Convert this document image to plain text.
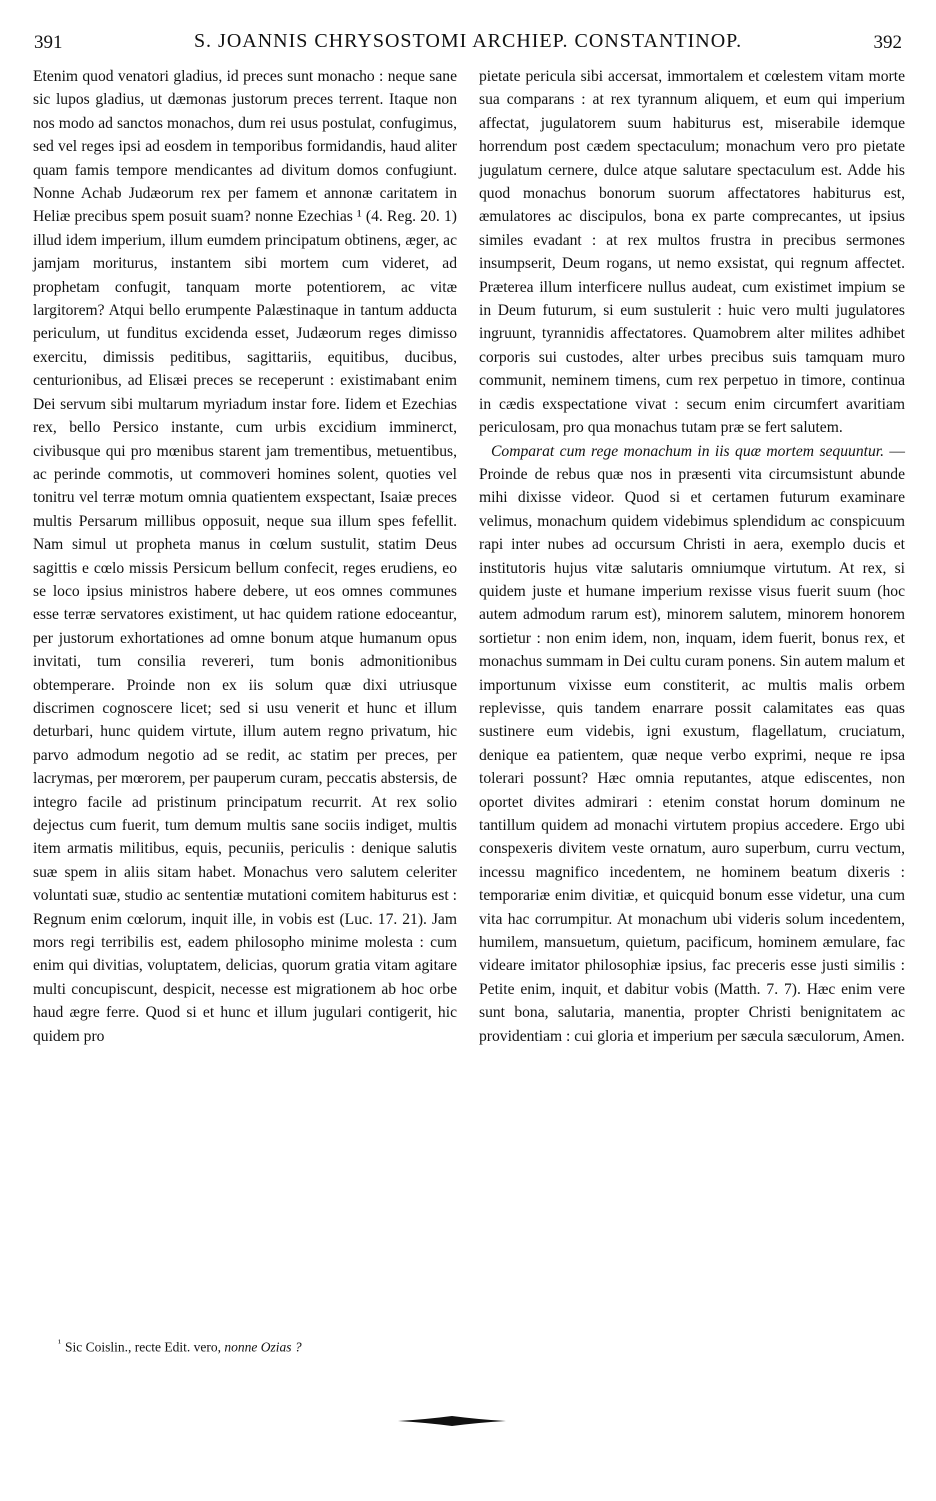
391	S. JOANNIS CHRYSOSTOMI ARCHIEP. CONSTANTINOP.	392

Etenim quod venatori gladius, id preces sunt monacho : neque sane sic lupos gladius, ut dæmonas justorum preces terrent. Itaque non nos modo ad sanctos monachos, dum rei usus postulat, confugimus, sed vel reges ipsi ad eosdem in temporibus formidandis, haud aliter quam famis tempore mendicantes ad divitum domos confugiunt. Nonne Achab Judæorum rex per famem et annonæ caritatem in Heliæ precibus spem posuit suam? nonne Ezechias ¹ (4. Reg. 20. 1) illud idem imperium, illum eumdem principatum obtinens, æger, ac jamjam moriturus, instantem sibi mortem cum videret, ad prophetam confugit, tanquam morte potentiorem, ac vitæ largitorem? Atqui bello erumpente Palæstinaque in tantum adducta periculum, ut funditus excidenda esset, Judæorum reges dimisso exercitu, dimissis peditibus, sagittariis, equitibus, ducibus, centurionibus, ad Elisæi preces se receperunt : existimabant enim Dei servum sibi multarum myriadum instar fore. Iidem et Ezechias rex, bello Persico instante, cum urbis excidium imminerct, civibusque qui pro mœnibus starent jam trementibus, metuentibus, ac perinde commotis, ut commoveri homines solent, quoties vel tonitru vel terræ motum omnia quatientem exspectant, Isaiæ preces multis Persarum millibus opposuit, neque sua illum spes fefellit. Nam simul ut propheta manus in cœlum sustulit, statim Deus sagittis e cœlo missis Persicum bellum confecit, reges erudiens, eo se loco ipsius ministros habere debere, ut eos omnes communes esse terræ servatores existiment, ut hac quidem ratione edoceantur, per justorum exhortationes ad omne bonum atque humanum opus invitati, tum consilia revereri, tum bonis admonitionibus obtemperare. Proinde non ex iis solum quæ dixi utriusque discrimen cognoscere licet; sed si usu venerit et hunc et illum deturbari, hunc quidem virtute, illum autem regno privatum, hic parvo admodum negotio ad se redit, ac statim per preces, per lacrymas, per mœrorem, per pauperum curam, peccatis abstersis, de integro facile ad pristinum principatum recurrit. At rex solio dejectus cum fuerit, tum demum multis sane sociis indiget, multis item armatis militibus, equis, pecuniis, periculis : denique salutis suæ spem in aliis sitam habet. Monachus vero salutem celeriter voluntati suæ, studio ac sententiæ mutationi comitem habiturus est : Regnum enim cœlorum, inquit ille, in vobis est (Luc. 17. 21). Jam mors regi terribilis est, eadem philosopho minime molesta : cum enim qui divitias, voluptatem, delicias, quorum gratia vitam agitare multi concupiscunt, despicit, necesse est migrationem ab hoc orbe haud ægre ferre. Quod si et hunc et illum jugulari contigerit, hic quidem pro

pietate pericula sibi accersat, immortalem et cœlestem vitam morte sua comparans : at rex tyrannum aliquem, et eum qui imperium affectat, jugulatorem suum habiturus est, miserabile idemque horrendum post cædem spectaculum; monachum vero pro pietate jugulatum cernere, dulce atque salutare spectaculum est. Adde his quod monachus bonorum suorum affectatores habiturus est, æmulatores ac discipulos, bona ex parte comprecantes, ut ipsius similes evadant : at rex multos frustra in precibus sermones insumpserit, Deum rogans, ut nemo exsistat, qui regnum affectet. Præterea illum interficere nullus audeat, cum existimet impium se in Deum futurum, si eum sustulerit : huic vero multi jugulatores ingruunt, tyrannidis affectatores. Quamobrem alter milites adhibet corporis sui custodes, alter urbes precibus suis tamquam muro communit, neminem timens, cum rex perpetuo in timore, continua in cædis exspectatione vivat : secum enim circumfert avaritiam periculosam, pro qua monachus tutam præ se fert salutem.

Comparat cum rege monachum in iis quæ mortem sequuntur. — Proinde de rebus quæ nos in præsenti vita circumsistunt abunde mihi dixisse videor. Quod si et certamen futurum examinare velimus, monachum quidem videbimus splendidum ac conspicuum rapi inter nubes ad occursum Christi in aera, exemplo ducis et institutoris hujus vitæ salutaris omniumque virtutum. At rex, si quidem juste et humane imperium rexisse visus fuerit suum (hoc autem admodum rarum est), minorem salutem, minorem honorem sortietur : non enim idem, non, inquam, idem fuerit, bonus rex, et monachus summam in Dei cultu curam ponens. Sin autem malum et importunum vixisse eum constiterit, ac multis malis orbem replevisse, quis tandem enarrare possit calamitates eas quas sustinere eum videbis, igni exustum, flagellatum, cruciatum, denique ea patientem, quæ neque verbo exprimi, neque re ipsa tolerari possunt? Hæc omnia reputantes, atque ediscentes, non oportet divites admirari : etenim constat horum dominum ne tantillum quidem ad monachi virtutem propius accedere. Ergo ubi conspexeris divitem veste ornatum, auro superbum, curru vectum, incessu magnifico incedentem, ne hominem beatum dixeris : temporariæ enim divitiæ, et quicquid bonum esse videtur, una cum vita hac corrumpitur. At monachum ubi videris solum incedentem, humilem, mansuetum, quietum, pacificum, hominem æmulare, fac videare imitator philosophiæ ipsius, fac preceris esse justi similis : Petite enim, inquit, et dabitur vobis (Matth. 7. 7). Hæc enim vere sunt bona, salutaria, manentia, propter Christi benignitatem ac providentiam : cui gloria et imperium per sæcula sæculorum, Amen.

$^{^1}$ Sic Coislin., recte Edit. vero, nonne Ozias ?
